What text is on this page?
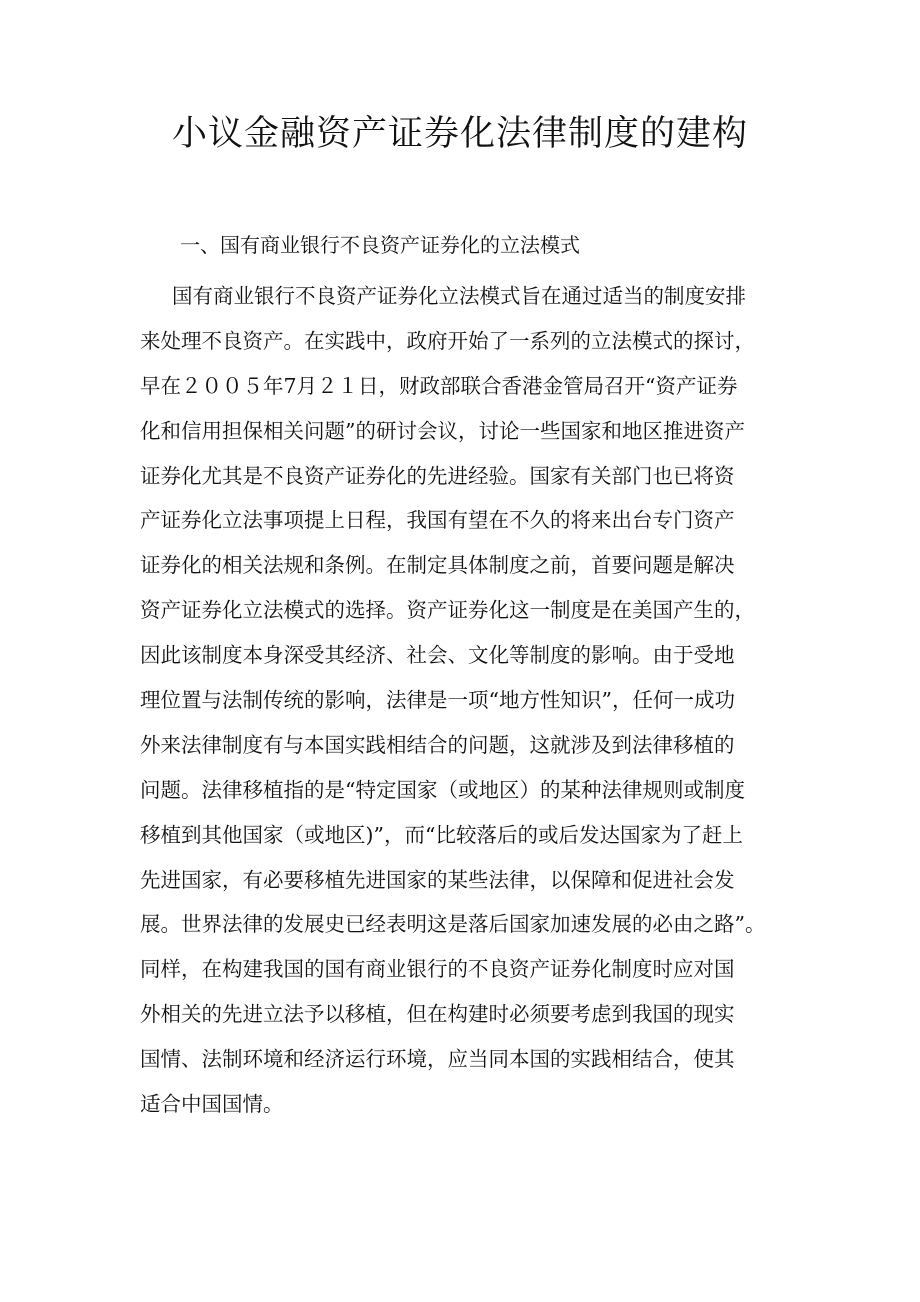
小议金融资产证券化法律制度的建构
一、国有商业银行不良资产证券化的立法模式
国有商业银行不良资产证券化立法模式旨在通过适当的制度安排
来处理不良资产。在实践中，政府开始了一系列的立法模式的探讨，
早在２００５年7月２１日，财政部联合香港金管局召开“资产证券
化和信用担保相关问题”的研讨会议，讨论一些国家和地区推进资产
证券化尤其是不良资产证券化的先进经验。国家有关部门也已将资
产证券化立法事项提上日程，我国有望在不久的将来出台专门资产
证券化的相关法规和条例。在制定具体制度之前，首要问题是解决
资产证券化立法模式的选择。资产证券化这一制度是在美国产生的，
因此该制度本身深受其经济、社会、文化等制度的影响。由于受地
理位置与法制传统的影响，法律是一项“地方性知识”，任何一成功
外来法律制度有与本国实践相结合的问题，这就涉及到法律移植的
问题。法律移植指的是“特定国家（或地区）的某种法律规则或制度
移植到其他国家（或地区)”，而“比较落后的或后发达国家为了赶上
先进国家，有必要移植先进国家的某些法律，以保障和促进社会发
展。世界法律的发展史已经表明这是落后国家加速发展的必由之路”。
同样，在构建我国的国有商业银行的不良资产证券化制度时应对国
外相关的先进立法予以移植，但在构建时必须要考虑到我国的现实
国情、法制环境和经济运行环境，应当同本国的实践相结合，使其
适合中国国情。
